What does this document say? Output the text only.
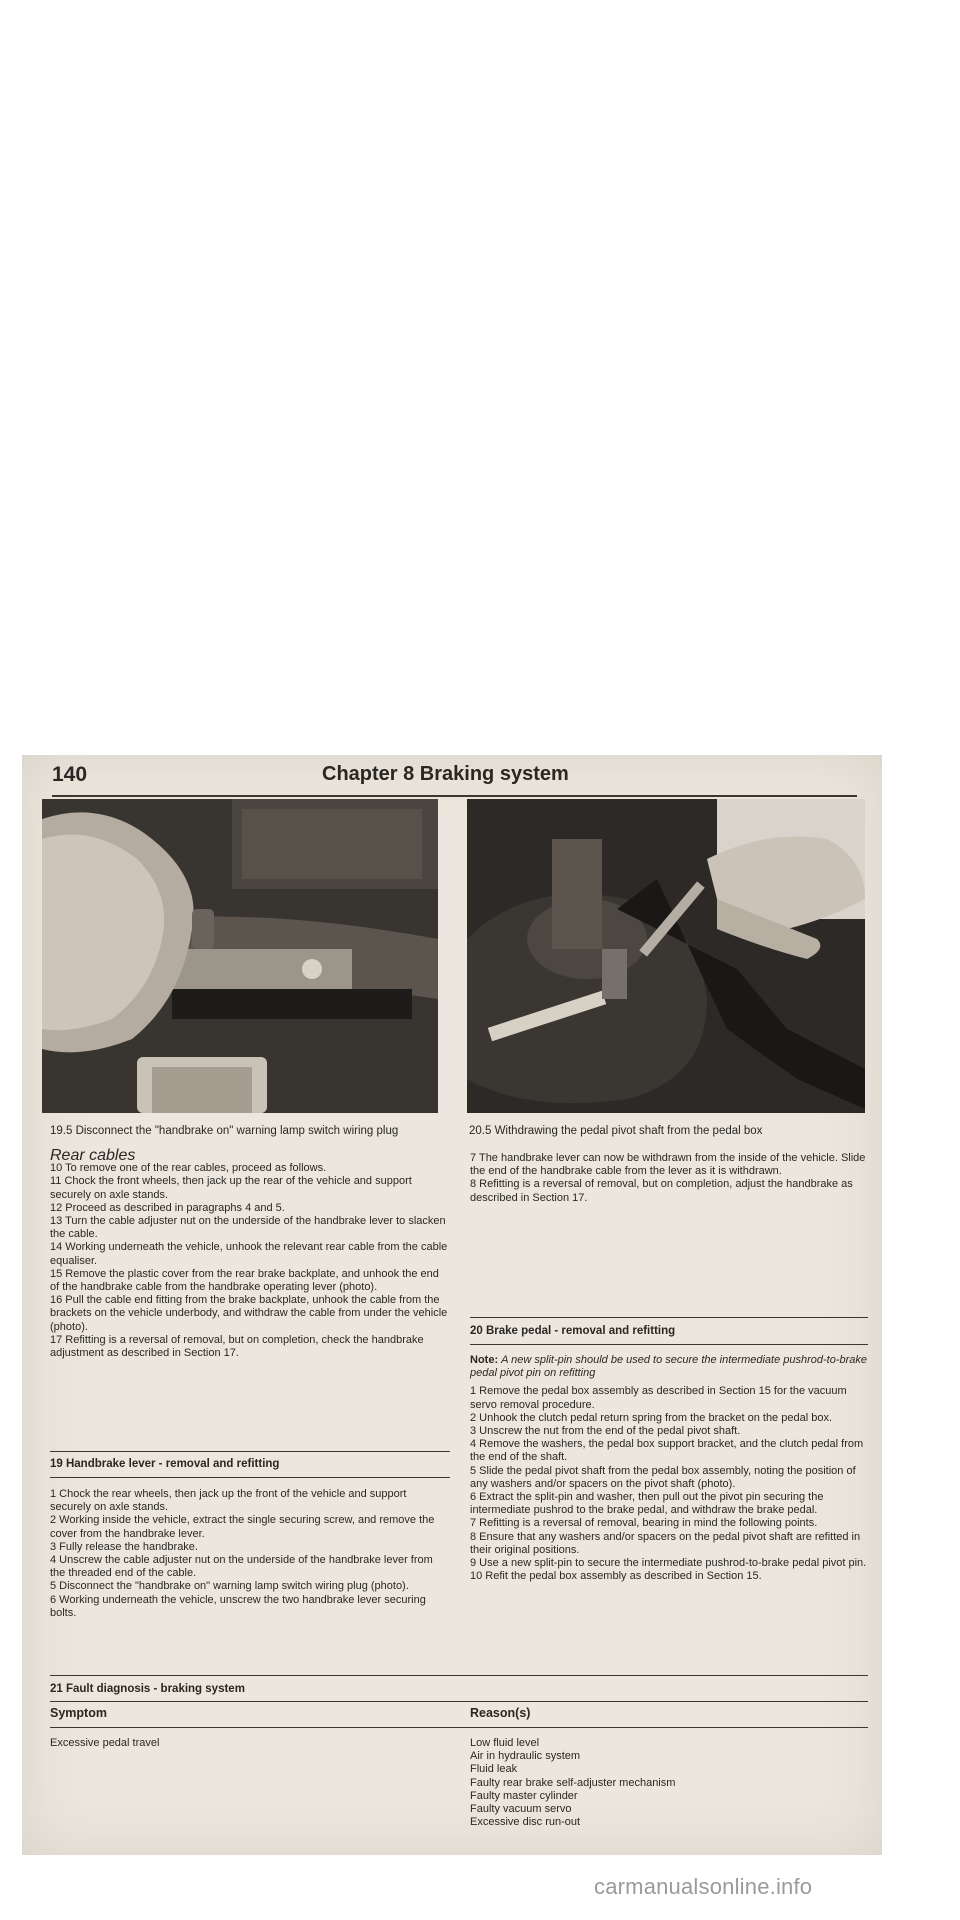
140	Chapter 8 Braking system
19.5 Disconnect the "handbrake on" warning lamp switch wiring plug	20.5 Withdrawing the pedal pivot shaft from the pedal box

Rear cables

10 To remove one of the rear cables, proceed as follows.

11 Chock the front wheels, then jack up the rear of the vehicle and support securely on axle stands.

12 Proceed as described in paragraphs 4 and 5.

13 Turn the cable adjuster nut on the underside of the handbrake lever to slacken the cable.

14 Working underneath the vehicle, unhook the relevant rear cable from the cable equaliser.

15 Remove the plastic cover from the rear brake backplate, and unhook the end of the handbrake cable from the handbrake operating lever (photo).

16 Pull the cable end fitting from the brake backplate, unhook the cable from the brackets on the vehicle underbody, and withdraw the cable from under the vehicle (photo).

17 Refitting is a reversal of removal, but on completion, check the handbrake adjustment as described in Section 17.

19 Handbrake lever - removal and refitting

1 Chock the rear wheels, then jack up the front of the vehicle and support securely on axle stands.

2 Working inside the vehicle, extract the single securing screw, and remove the cover from the handbrake lever.

3 Fully release the handbrake.

4 Unscrew the cable adjuster nut on the underside of the handbrake lever from the threaded end of the cable.

5 Disconnect the "handbrake on" warning lamp switch wiring plug (photo).

6 Working underneath the vehicle, unscrew the two handbrake lever securing bolts.

7 The handbrake lever can now be withdrawn from the inside of the vehicle. Slide the end of the handbrake cable from the lever as it is withdrawn.

8 Refitting is a reversal of removal, but on completion, adjust the handbrake as described in Section 17.

20 Brake pedal - removal and refitting

Note: A new split-pin should be used to secure the intermediate pushrod-to-brake pedal pivot pin on refitting

1 Remove the pedal box assembly as described in Section 15 for the vacuum servo removal procedure.

2 Unhook the clutch pedal return spring from the bracket on the pedal box.

3 Unscrew the nut from the end of the pedal pivot shaft.

4 Remove the washers, the pedal box support bracket, and the clutch pedal from the end of the shaft.

5 Slide the pedal pivot shaft from the pedal box assembly, noting the position of any washers and/or spacers on the pivot shaft (photo).

6 Extract the split-pin and washer, then pull out the pivot pin securing the intermediate pushrod to the brake pedal, and withdraw the brake pedal.

7 Refitting is a reversal of removal, bearing in mind the following points.

8 Ensure that any washers and/or spacers on the pedal pivot shaft are refitted in their original positions.

9 Use a new split-pin to secure the intermediate pushrod-to-brake pedal pivot pin.

10 Refit the pedal box assembly as described in Section 15.

21 Fault diagnosis - braking system

Symptom	Reason(s)
Excessive pedal travel	Low fluid level

Air in hydraulic system

Fluid leak

Faulty rear brake self-adjuster mechanism

Faulty master cylinder

Faulty vacuum servo

Excessive disc run-out

carmanualsonline.info
